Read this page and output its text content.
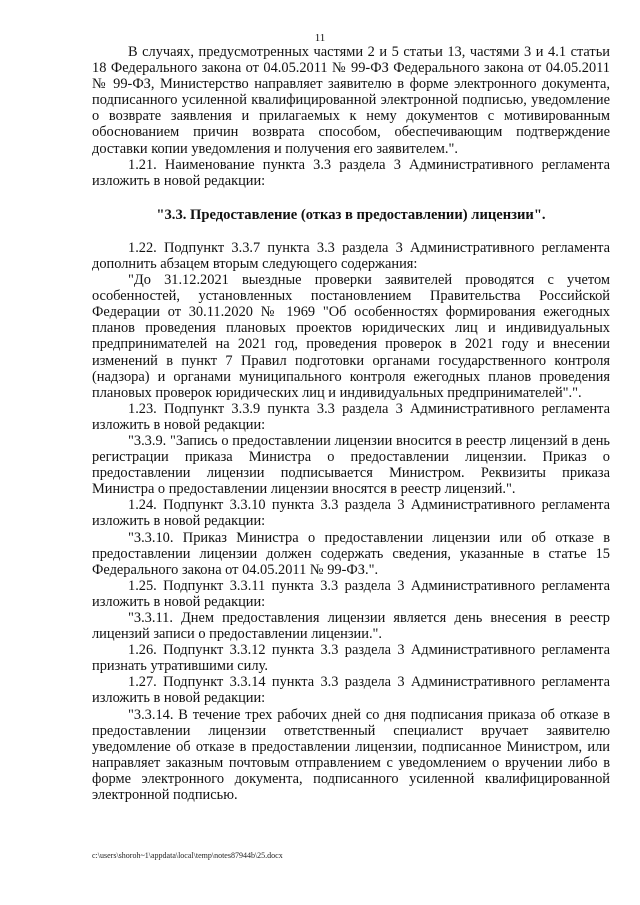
11

В случаях, предусмотренных частями 2 и 5 статьи 13, частями 3 и 4.1 статьи 18 Федерального закона от 04.05.2011 № 99-ФЗ Федерального закона от 04.05.2011 № 99-ФЗ, Министерство направляет заявителю в форме электронного документа, подписанного усиленной квалифицированной электронной подписью, уведомление о возврате заявления и прилагаемых к нему документов с мотивированным обоснованием причин возврата способом, обеспечивающим подтверждение доставки копии уведомления и получения его заявителем.".

1.21. Наименование пункта 3.3 раздела 3 Административного регламента изложить в новой редакции:

"3.3. Предоставление (отказ в предоставлении) лицензии".

1.22. Подпункт 3.3.7 пункта 3.3 раздела 3 Административного регламента дополнить абзацем вторым следующего содержания:

"До 31.12.2021 выездные проверки заявителей проводятся с учетом особенностей, установленных постановлением Правительства Российской Федерации от 30.11.2020 № 1969 "Об особенностях формирования ежегодных планов проведения плановых проектов юридических лиц и индивидуальных предпринимателей на 2021 год, проведения проверок в 2021 году и внесении изменений в пункт 7 Правил подготовки органами государственного контроля (надзора) и органами муниципального контроля ежегодных планов проведения плановых проверок юридических лиц и индивидуальных предпринимателей".".

1.23. Подпункт 3.3.9 пункта 3.3 раздела 3 Административного регламента изложить в новой редакции:

"3.3.9. "Запись о предоставлении лицензии вносится в реестр лицензий в день регистрации приказа Министра о предоставлении лицензии. Приказ о предоставлении лицензии подписывается Министром. Реквизиты приказа Министра о предоставлении лицензии вносятся в реестр лицензий.".

1.24. Подпункт 3.3.10 пункта 3.3 раздела 3 Административного регламента изложить в новой редакции:

"3.3.10. Приказ Министра о предоставлении лицензии или об отказе в предоставлении лицензии должен содержать сведения, указанные в статье 15 Федерального закона от 04.05.2011 № 99-ФЗ.".

1.25. Подпункт 3.3.11 пункта 3.3 раздела 3 Административного регламента изложить в новой редакции:

"3.3.11. Днем предоставления лицензии является день внесения в реестр лицензий записи о предоставлении лицензии.".

1.26. Подпункт 3.3.12 пункта 3.3 раздела 3 Административного регламента признать утратившими силу.

1.27. Подпункт 3.3.14 пункта 3.3 раздела 3 Административного регламента изложить в новой редакции:

"3.3.14. В течение трех рабочих дней со дня подписания приказа об отказе в предоставлении лицензии ответственный специалист вручает заявителю уведомление об отказе в предоставлении лицензии, подписанное Министром, или направляет заказным почтовым отправлением с уведомлением о вручении либо в форме электронного документа, подписанного усиленной квалифицированной электронной подписью.

c:\users\shoroh~1\appdata\local\temp\notes87944b\25.docx
